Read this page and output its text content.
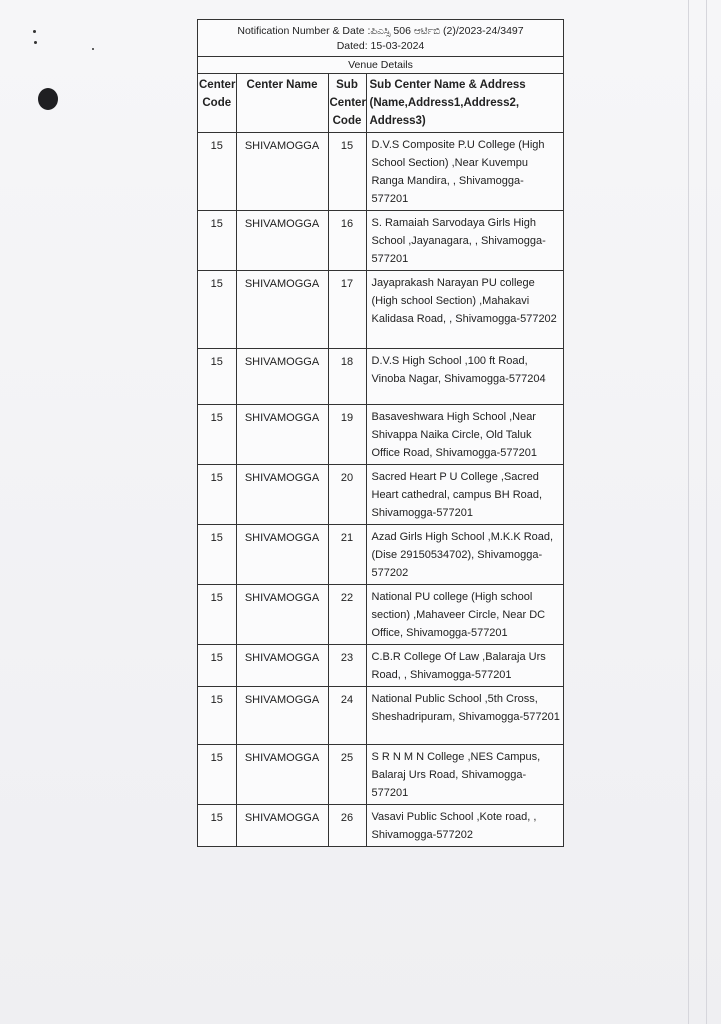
Notification Number & Date :ಪಿಎಸ್ಸಿ 506 ಆರ್ಟಿಬಿ (2)/2023-24/3497
Dated: 15-03-2024
Venue Details
Center Code	Center Name	Sub Center Code	Sub Center Name & Address (Name,Address1,Address2, Address3)
15	SHIVAMOGGA	15	D.V.S Composite P.U College (High School Section) ,Near Kuvempu Ranga Mandira, , Shivamogga-577201
15	SHIVAMOGGA	16	S. Ramaiah Sarvodaya Girls High School ,Jayanagara, , Shivamogga-577201
15	SHIVAMOGGA	17	Jayaprakash Narayan PU college (High school Section) ,Mahakavi Kalidasa Road, , Shivamogga-577202
15	SHIVAMOGGA	18	D.V.S High School ,100 ft Road, Vinoba Nagar, Shivamogga-577204
15	SHIVAMOGGA	19	Basaveshwara High School ,Near Shivappa Naika Circle, Old Taluk Office Road, Shivamogga-577201
15	SHIVAMOGGA	20	Sacred Heart P U College ,Sacred Heart cathedral, campus BH Road, Shivamogga-577201
15	SHIVAMOGGA	21	Azad Girls High School ,M.K.K Road, (Dise 29150534702), Shivamogga-577202
15	SHIVAMOGGA	22	National PU college (High school section) ,Mahaveer Circle, Near DC Office, Shivamogga-577201
15	SHIVAMOGGA	23	C.B.R College Of Law ,Balaraja Urs Road, , Shivamogga-577201
15	SHIVAMOGGA	24	National Public School ,5th Cross, Sheshadripuram, Shivamogga-577201
15	SHIVAMOGGA	25	S R N M N College ,NES Campus, Balaraj Urs Road, Shivamogga-577201
15	SHIVAMOGGA	26	Vasavi Public School ,Kote road, , Shivamogga-577202
